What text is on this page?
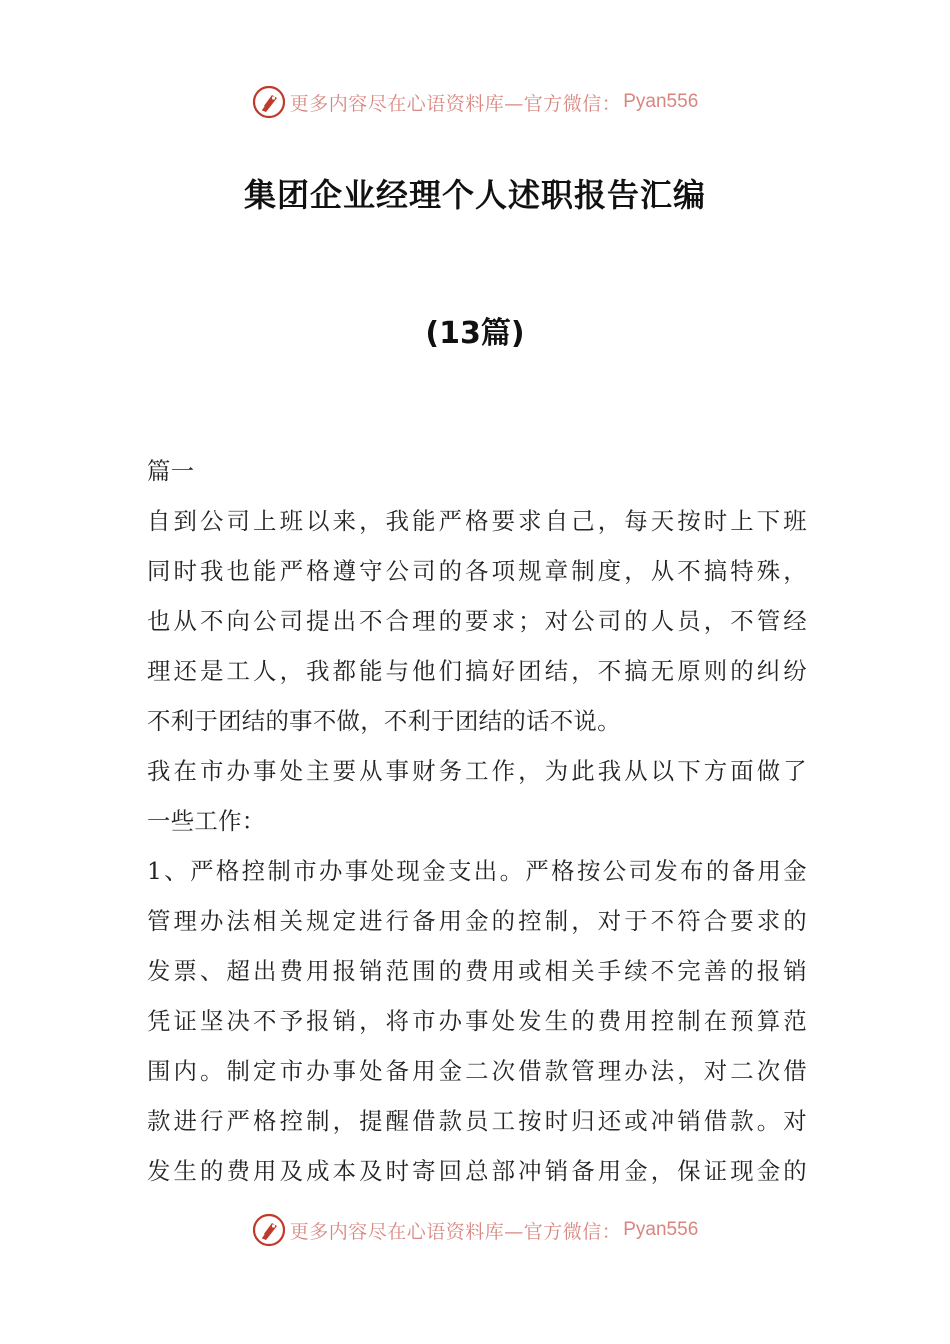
更多内容尽在心语资料库—官方微信： Pyan556
集团企业经理个人述职报告汇编
(13篇)
篇一
自到公司上班以来，我能严格要求自己，每天按时上下班
同时我也能严格遵守公司的各项规章制度，从不搞特殊，
也从不向公司提出不合理的要求；对公司的人员，不管经
理还是工人，我都能与他们搞好团结，不搞无原则的纠纷
不利于团结的事不做，不利于团结的话不说。
我在市办事处主要从事财务工作，为此我从以下方面做了
一些工作：
1、严格控制市办事处现金支出。严格按公司发布的备用金
管理办法相关规定进行备用金的控制，对于不符合要求的
发票、超出费用报销范围的费用或相关手续不完善的报销
凭证坚决不予报销，将市办事处发生的费用控制在预算范
围内。制定市办事处备用金二次借款管理办法，对二次借
款进行严格控制，提醒借款员工按时归还或冲销借款。对
发生的费用及成本及时寄回总部冲销备用金，保证现金的
更多内容尽在心语资料库—官方微信： Pyan556
